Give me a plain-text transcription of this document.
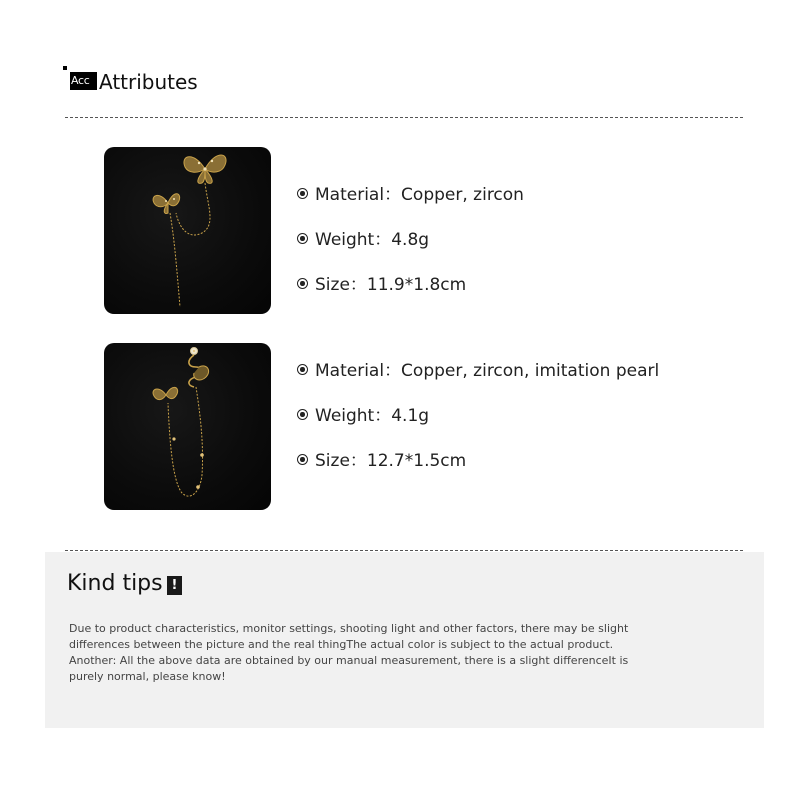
Acc Attributes
Material：Copper, zircon
Weight：4.8g
Size：11.9*1.8cm
Material：Copper, zircon, imitation pearl
Weight：4.1g
Size：12.7*1.5cm
Kind tips !
Due to product characteristics, monitor settings, shooting light and other factors, there may be slight
differences between the picture and the real thingThe actual color is subject to the actual product.
Another: All the above data are obtained by our manual measurement, there is a slight differenceIt is
purely normal, please know!
